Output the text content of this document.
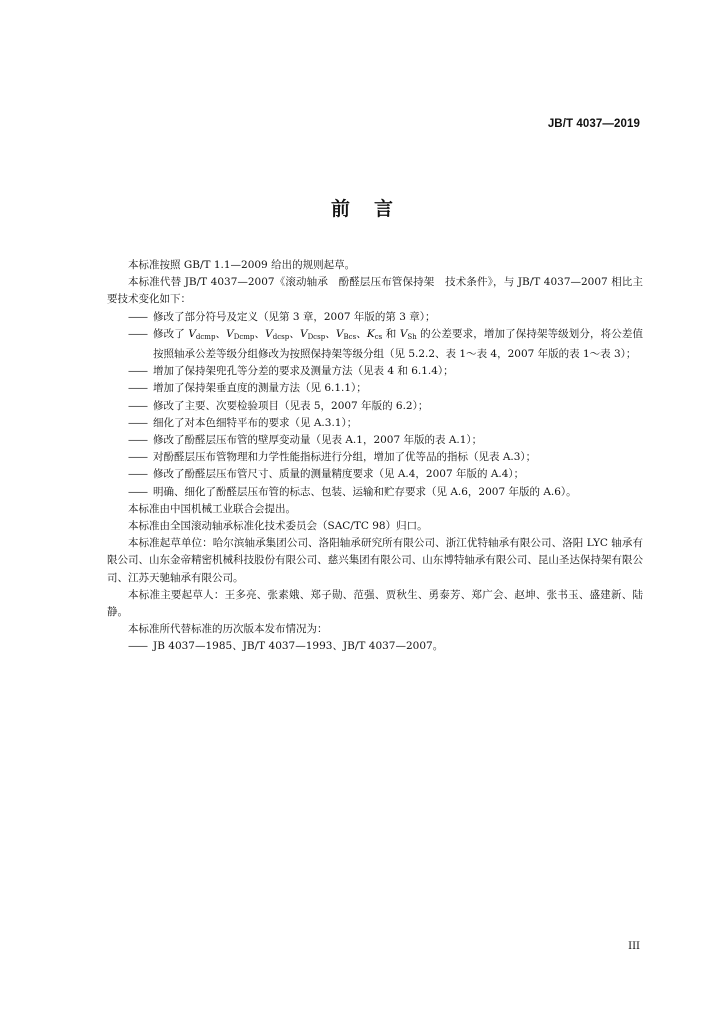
JB/T 4037—2019
前言

本标准按照 GB/T 1.1—2009 给出的规则起草。

本标准代替 JB/T 4037—2007《滚动轴承　酚醛层压布管保持架　技术条件》，与 JB/T 4037—2007 相比主要技术变化如下：

—— 修改了部分符号及定义（见第 3 章，2007 年版的第 3 章）；
—— 修改了 $V_{dcmp}$、$V_{Dcmp}$、$V_{dcsp}$、$V_{Dcsp}$、$V_{Bcs}$、$K_{cs}$ 和 $V_{Sh}$ 的公差要求，增加了保持架等级划分，将公差值按照轴承公差等级分组修改为按照保持架等级分组（见 5.2.2、表 1～表 4，2007 年版的表 1～表 3）；
—— 增加了保持架兜孔等分差的要求及测量方法（见表 4 和 6.1.4）；
—— 增加了保持架垂直度的测量方法（见 6.1.1）；
—— 修改了主要、次要检验项目（见表 5，2007 年版的 6.2）；
—— 细化了对本色细特平布的要求（见 A.3.1）；
—— 修改了酚醛层压布管的壁厚变动量（见表 A.1，2007 年版的表 A.1）；
—— 对酚醛层压布管物理和力学性能指标进行分组，增加了优等品的指标（见表 A.3）；
—— 修改了酚醛层压布管尺寸、质量的测量精度要求（见 A.4，2007 年版的 A.4）；
—— 明确、细化了酚醛层压布管的标志、包装、运输和贮存要求（见 A.6，2007 年版的 A.6）。

本标准由中国机械工业联合会提出。

本标准由全国滚动轴承标准化技术委员会（SAC/TC 98）归口。

本标准起草单位：哈尔滨轴承集团公司、洛阳轴承研究所有限公司、浙江优特轴承有限公司、洛阳 LYC 轴承有限公司、山东金帝精密机械科技股份有限公司、慈兴集团有限公司、山东博特轴承有限公司、昆山圣达保持架有限公司、江苏天驰轴承有限公司。

本标准主要起草人：王多亮、张素娥、郑子勋、范强、贾秋生、勇泰芳、郑广会、赵坤、张书玉、盛建新、陆静。

本标准所代替标准的历次版本发布情况为：

—— JB 4037—1985、JB/T 4037—1993、JB/T 4037—2007。
III
